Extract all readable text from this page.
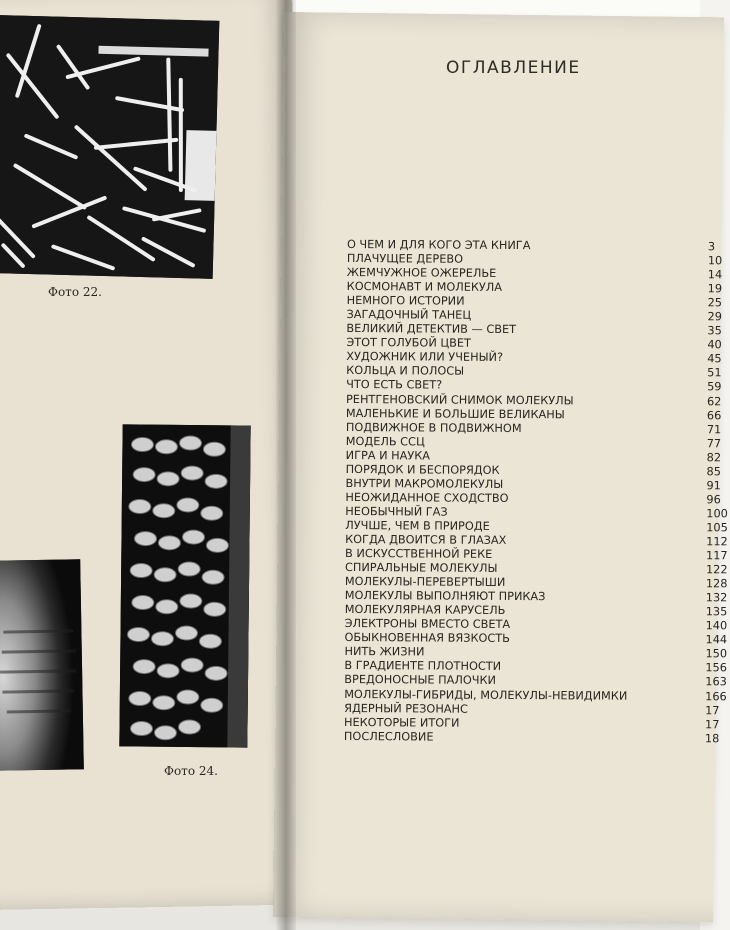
Фото 22.
Фото 24.
ОГЛАВЛЕНИЕ
О ЧЕМ И ДЛЯ КОГО ЭТА КНИГА	3
ПЛАЧУЩЕЕ ДЕРЕВО	10
ЖЕМЧУЖНОЕ ОЖЕРЕЛЬЕ	14
КОСМОНАВТ И МОЛЕКУЛА	19
НЕМНОГО ИСТОРИИ	25
ЗАГАДОЧНЫЙ ТАНЕЦ	29
ВЕЛИКИЙ ДЕТЕКТИВ — СВЕТ	35
ЭТОТ ГОЛУБОЙ ЦВЕТ	40
ХУДОЖНИК ИЛИ УЧЕНЫЙ?	45
КОЛЬЦА И ПОЛОСЫ	51
ЧТО ЕСТЬ СВЕТ?	59
РЕНТГЕНОВСКИЙ СНИМОК МОЛЕКУЛЫ	62
МАЛЕНЬКИЕ И БОЛЬШИЕ ВЕЛИКАНЫ	66
ПОДВИЖНОЕ В ПОДВИЖНОМ	71
МОДЕЛЬ ССЦ	77
ИГРА И НАУКА	82
ПОРЯДОК И БЕСПОРЯДОК	85
ВНУТРИ МАКРОМОЛЕКУЛЫ	91
НЕОЖИДАННОЕ СХОДСТВО	96
НЕОБЫЧНЫЙ ГАЗ	100
ЛУЧШЕ, ЧЕМ В ПРИРОДЕ	105
КОГДА ДВОИТСЯ В ГЛАЗАХ	112
В ИСКУССТВЕННОЙ РЕКЕ	117
СПИРАЛЬНЫЕ МОЛЕКУЛЫ	122
МОЛЕКУЛЫ-ПЕРЕВЕРТЫШИ	128
МОЛЕКУЛЫ ВЫПОЛНЯЮТ ПРИКАЗ	132
МОЛЕКУЛЯРНАЯ КАРУСЕЛЬ	135
ЭЛЕКТРОНЫ ВМЕСТО СВЕТА	140
ОБЫКНОВЕННАЯ ВЯЗКОСТЬ	144
НИТЬ ЖИЗНИ	150
В ГРАДИЕНТЕ ПЛОТНОСТИ	156
ВРЕДОНОСНЫЕ ПАЛОЧКИ	163
МОЛЕКУЛЫ-ГИБРИДЫ, МОЛЕКУЛЫ-НЕВИДИМКИ	166
ЯДЕРНЫЙ РЕЗОНАНС	17
НЕКОТОРЫЕ ИТОГИ	17
ПОСЛЕСЛОВИЕ	18
